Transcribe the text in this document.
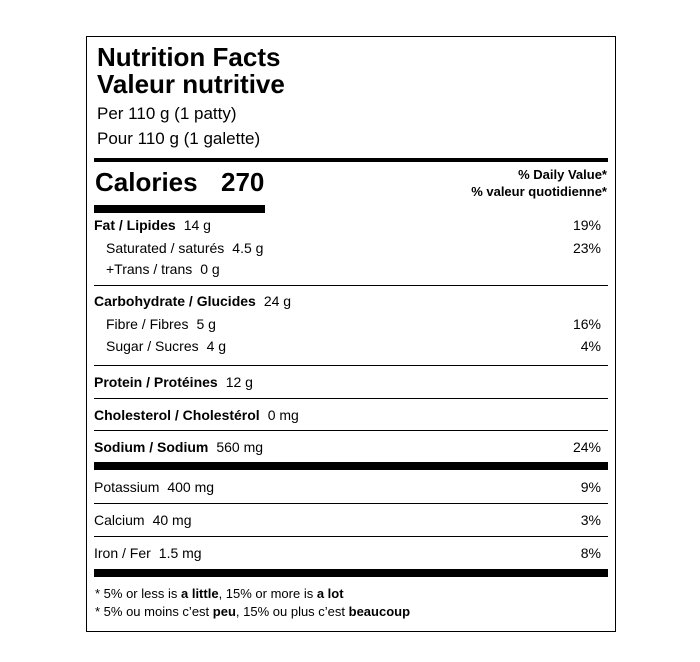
Nutrition Facts
Valeur nutritive
Per 110 g (1 patty)
Pour 110 g (1 galette)
Calories 270	% Daily Value*
% valeur quotidienne*
Fat / Lipides 14 g	19%
Saturated / saturés 4.5 g	23%
+Trans / trans 0 g
Carbohydrate / Glucides 24 g
Fibre / Fibres 5 g	16%
Sugar / Sucres 4 g	4%
Protein / Protéines 12 g
Cholesterol / Cholestérol 0 mg
Sodium / Sodium 560 mg	24%
Potassium 400 mg	9%
Calcium 40 mg	3%
Iron / Fer 1.5 mg	8%
* 5% or less is a little, 15% or more is a lot
* 5% ou moins c’est peu, 15% ou plus c’est beaucoup
